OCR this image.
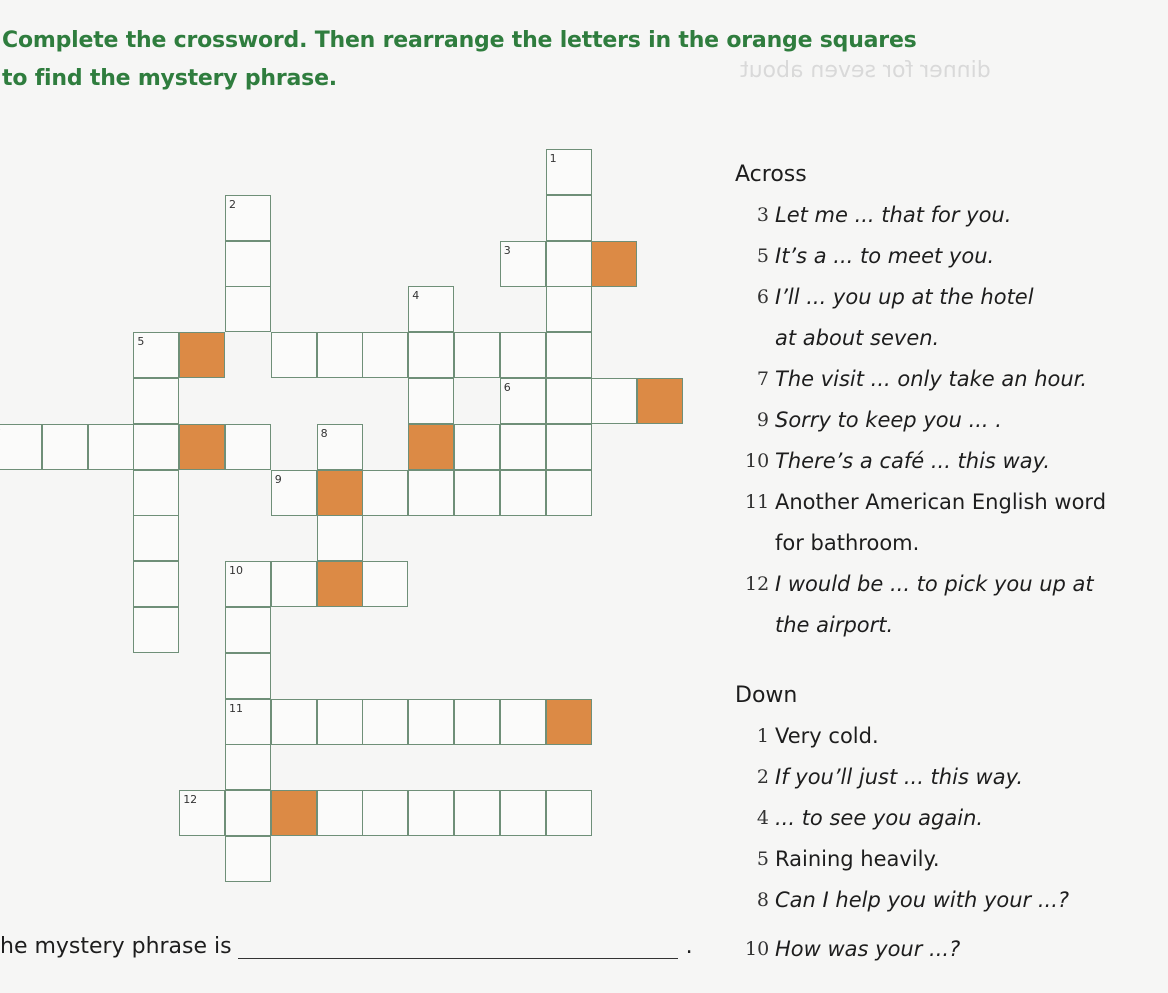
dinner for seven about
Complete the crossword. Then rearrange the letters in the orange squares
to find the mystery phrase.
1
2
3
4
5
6
8
9
10
11
12
Across
3 Let me ... that for you.
5 It’s a ... to meet you.
6 I’ll ... you up at the hotel
at about seven.
7 The visit ... only take an hour.
9 Sorry to keep you ... .
10 There’s a café ... this way.
11 Another American English word
for bathroom.
12 I would be ... to pick you up at
the airport.
Down
1 Very cold.
2 If you’ll just ... this way.
4 ... to see you again.
5 Raining heavily.
8 Can I help you with your ...?
he mystery phrase is	.	10 How was your ...?
